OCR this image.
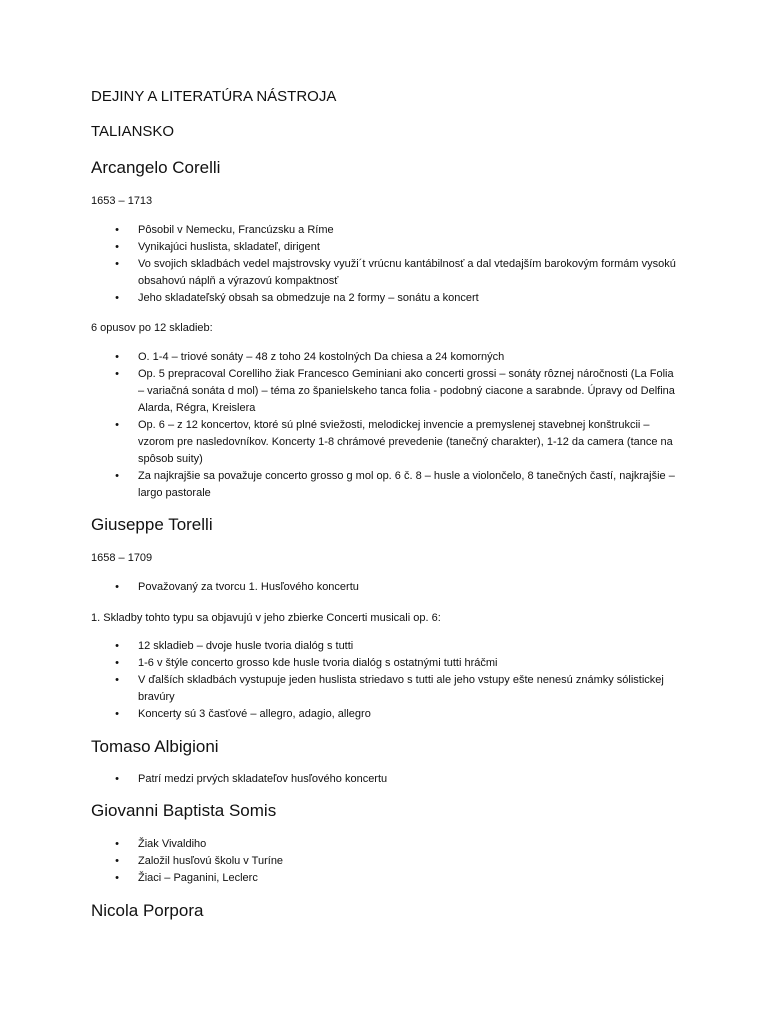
DEJINY A LITERATÚRA NÁSTROJA
TALIANSKO
Arcangelo Corelli
1653 – 1713
• Pôsobil v Nemecku, Francúzsku a Ríme
• Vynikajúci huslista, skladateľ, dirigent
• Vo svojich skladbách vedel majstrovsky využi´t vrúcnu kantábilnosť a dal vtedajším barokovým formám vysokú obsahovú náplň a výrazovú kompaktnosť
• Jeho skladateľský obsah sa obmedzuje na 2 formy – sonátu a koncert
6 opusov po 12 skladieb:
• O. 1-4 – triové sonáty – 48 z toho 24 kostolných Da chiesa a 24 komorných
• Op. 5 prepracoval Corelliho žiak Francesco Geminiani ako concerti grossi – sonáty rôznej náročnosti (La Folia – variačná sonáta d mol) – téma zo španielskeho tanca folia - podobný ciacone a sarabnde. Úpravy od Delfina Alarda, Régra, Kreislera
• Op. 6 – z 12 koncertov, ktoré sú plné sviežosti, melodickej invencie a premyslenej stavebnej konštrukcii – vzorom pre nasledovníkov. Koncerty 1-8 chrámové prevedenie (tanečný charakter), 1-12 da camera (tance na spôsob suity)
• Za najkrajšie sa považuje concerto grosso g mol op. 6 č. 8 – husle a violončelo, 8 tanečných častí, najkrajšie – largo pastorale
Giuseppe Torelli
1658 – 1709
• Považovaný za tvorcu 1. Husľového koncertu
1. Skladby tohto typu sa objavujú v jeho zbierke Concerti musicali op. 6:
• 12 skladieb – dvoje husle tvoria dialóg s tutti
• 1-6 v štýle concerto grosso kde husle tvoria dialóg s ostatnými tutti hráčmi
• V ďalších skladbách vystupuje jeden huslista striedavo s tutti ale jeho vstupy ešte nenesú známky sólistickej bravúry
• Koncerty sú 3 časťové – allegro, adagio, allegro
Tomaso Albigioni
• Patrí medzi prvých skladateľov husľového koncertu
Giovanni Baptista Somis
• Žiak Vivaldiho
• Založil husľovú školu v Turíne
• Žiaci – Paganini, Leclerc
Nicola Porpora
